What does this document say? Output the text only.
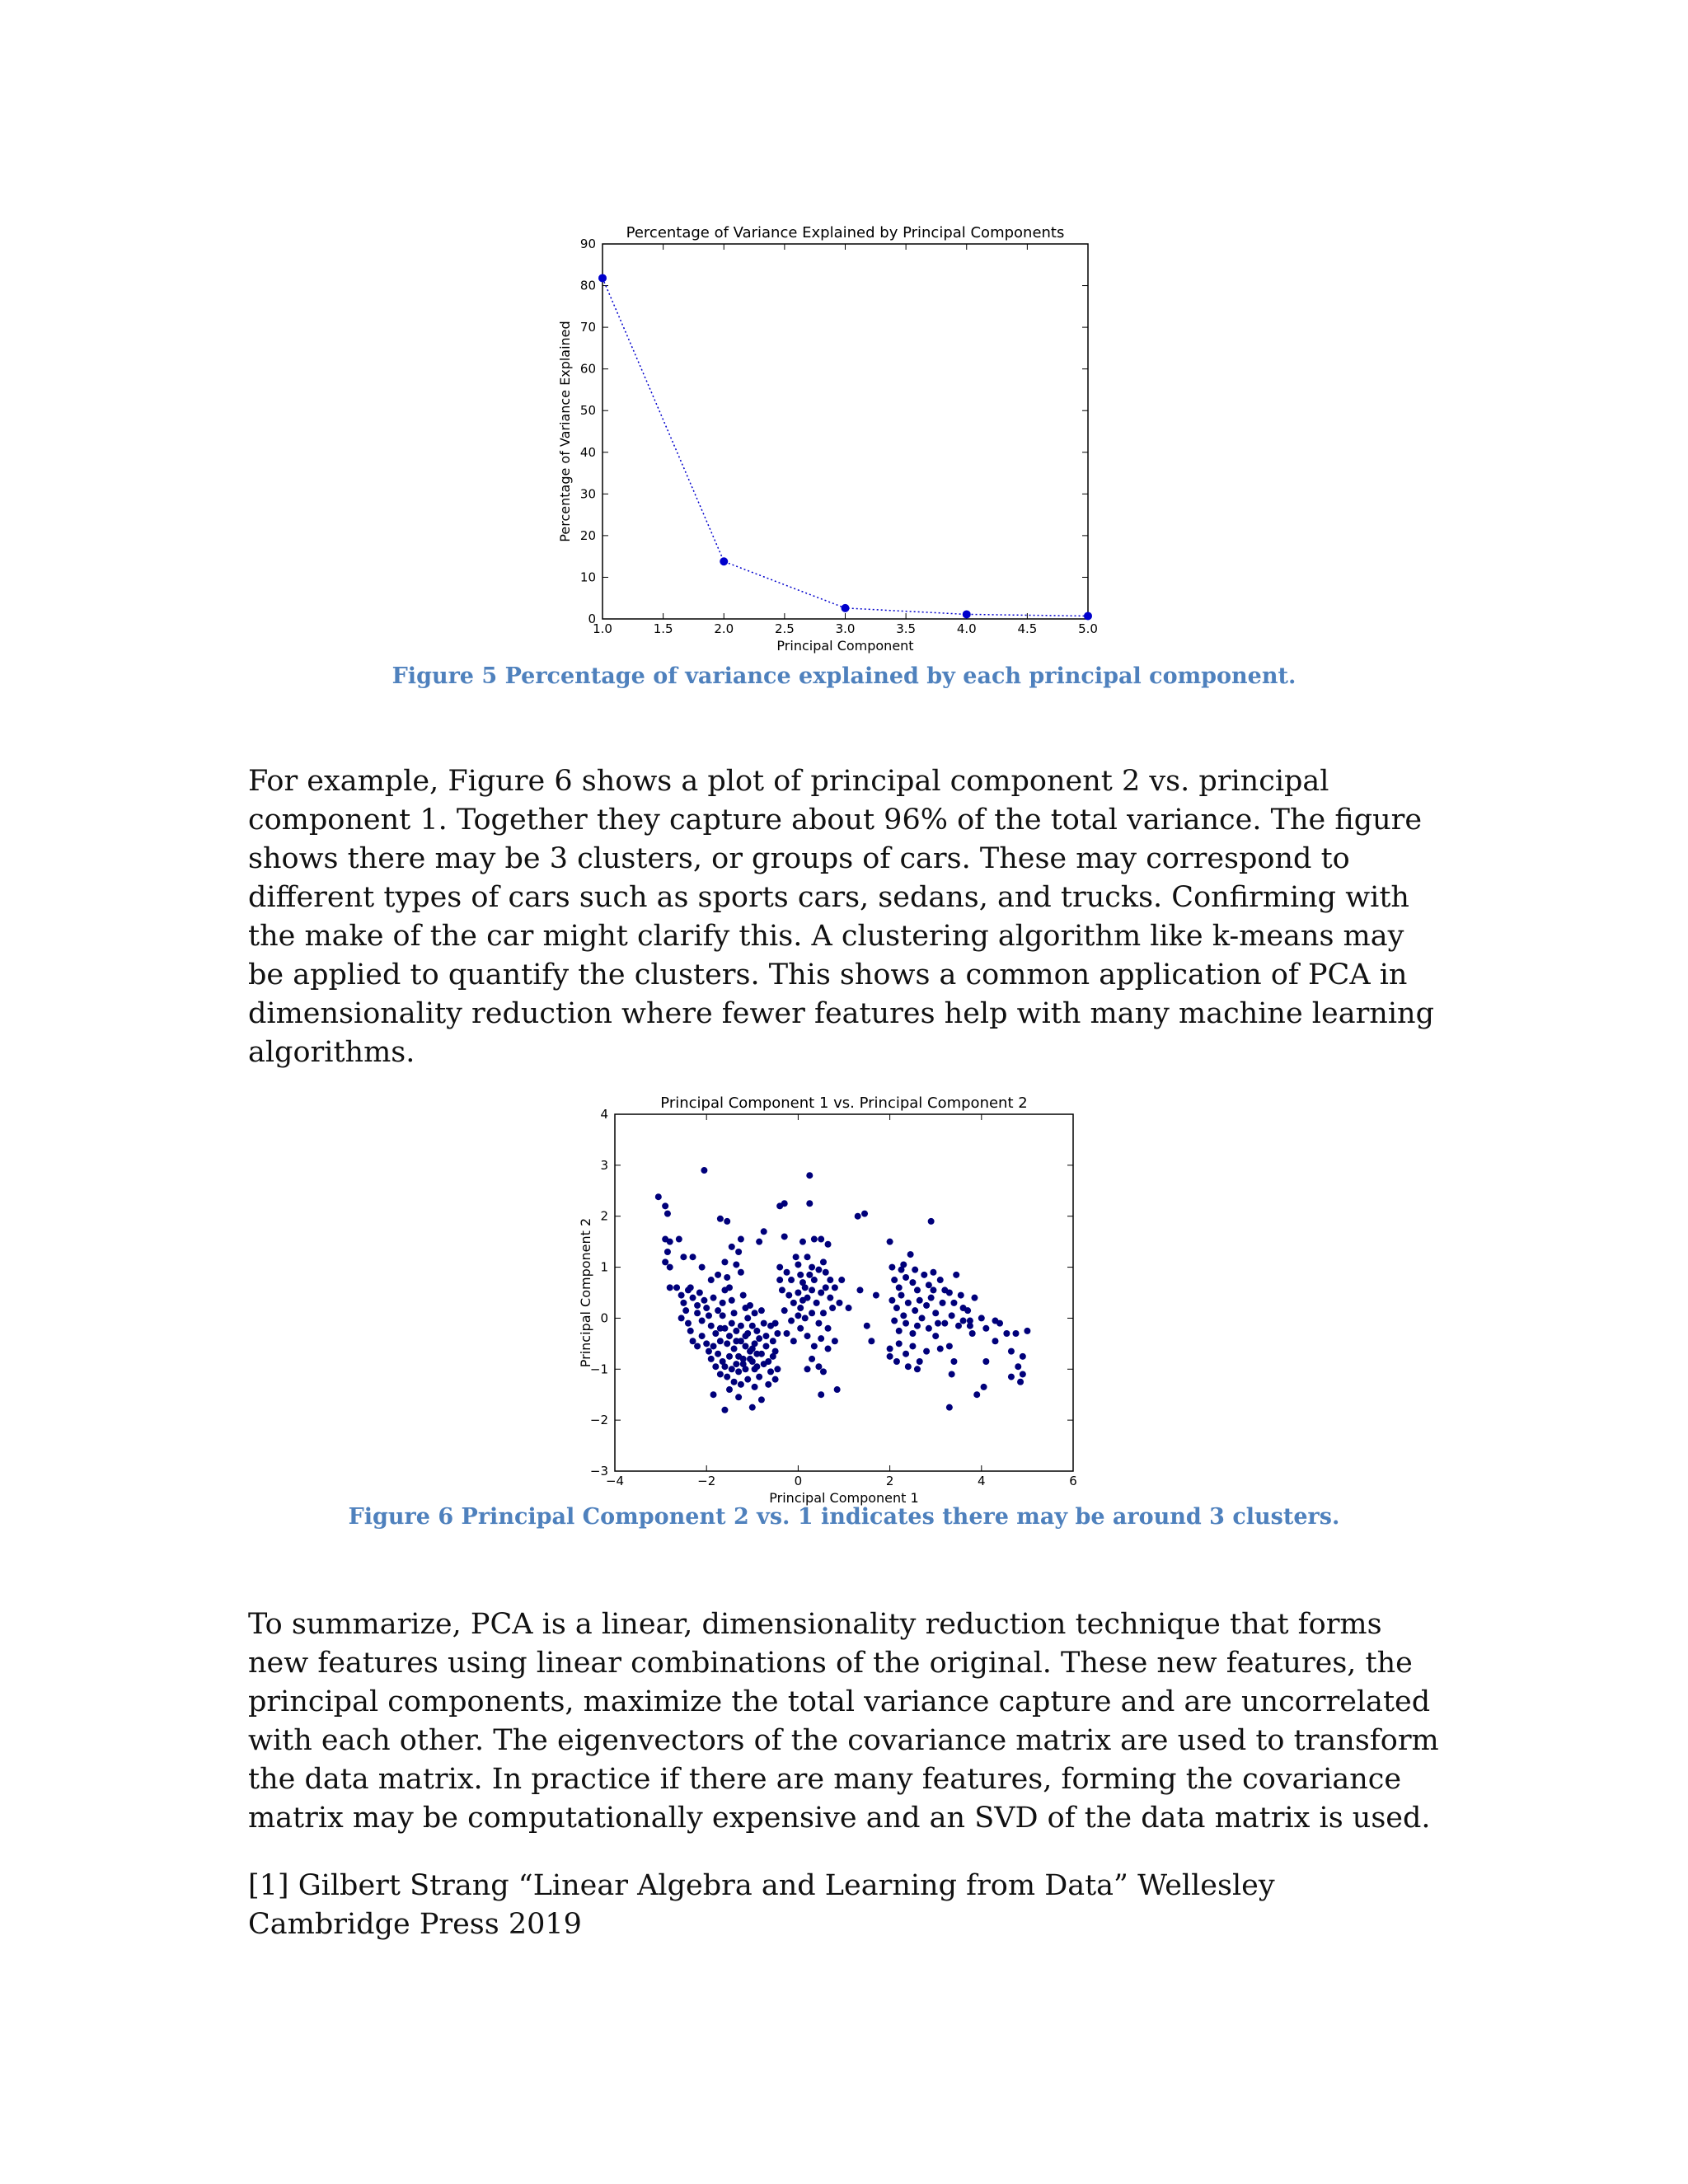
1.0	1.5	2.0	2.5	3.0	3.5	4.0	4.5	5.0
0
10
20
30
40
50
60
70
80
90
Percentage of Variance Explained by Principal Components
Principal Component
Percentage of Variance Explained

Figure 5 Percentage of variance explained by each principal component.

For example, Figure 6 shows a plot of principal component 2 vs. principal component 1. Together they capture about 96% of the total variance. The figure shows there may be 3 clusters, or groups of cars. These may correspond to different types of cars such as sports cars, sedans, and trucks. Confirming with the make of the car might clarify this. A clustering algorithm like k-means may be applied to quantify the clusters. This shows a common application of PCA in dimensionality reduction where fewer features help with many machine learning algorithms.

−4	−2	0	2	4	6
−3
−2
−1
0
1
2
3
4
Principal Component 1 vs. Principal Component 2
Principal Component 1
Principal Component 2

Figure 6 Principal Component 2 vs. 1 indicates there may be around 3 clusters.

To summarize, PCA is a linear, dimensionality reduction technique that forms new features using linear combinations of the original. These new features, the principal components, maximize the total variance capture and are uncorrelated with each other. The eigenvectors of the covariance matrix are used to transform the data matrix. In practice if there are many features, forming the covariance matrix may be computationally expensive and an SVD of the data matrix is used.

[1] Gilbert Strang “Linear Algebra and Learning from Data” Wellesley Cambridge Press 2019
